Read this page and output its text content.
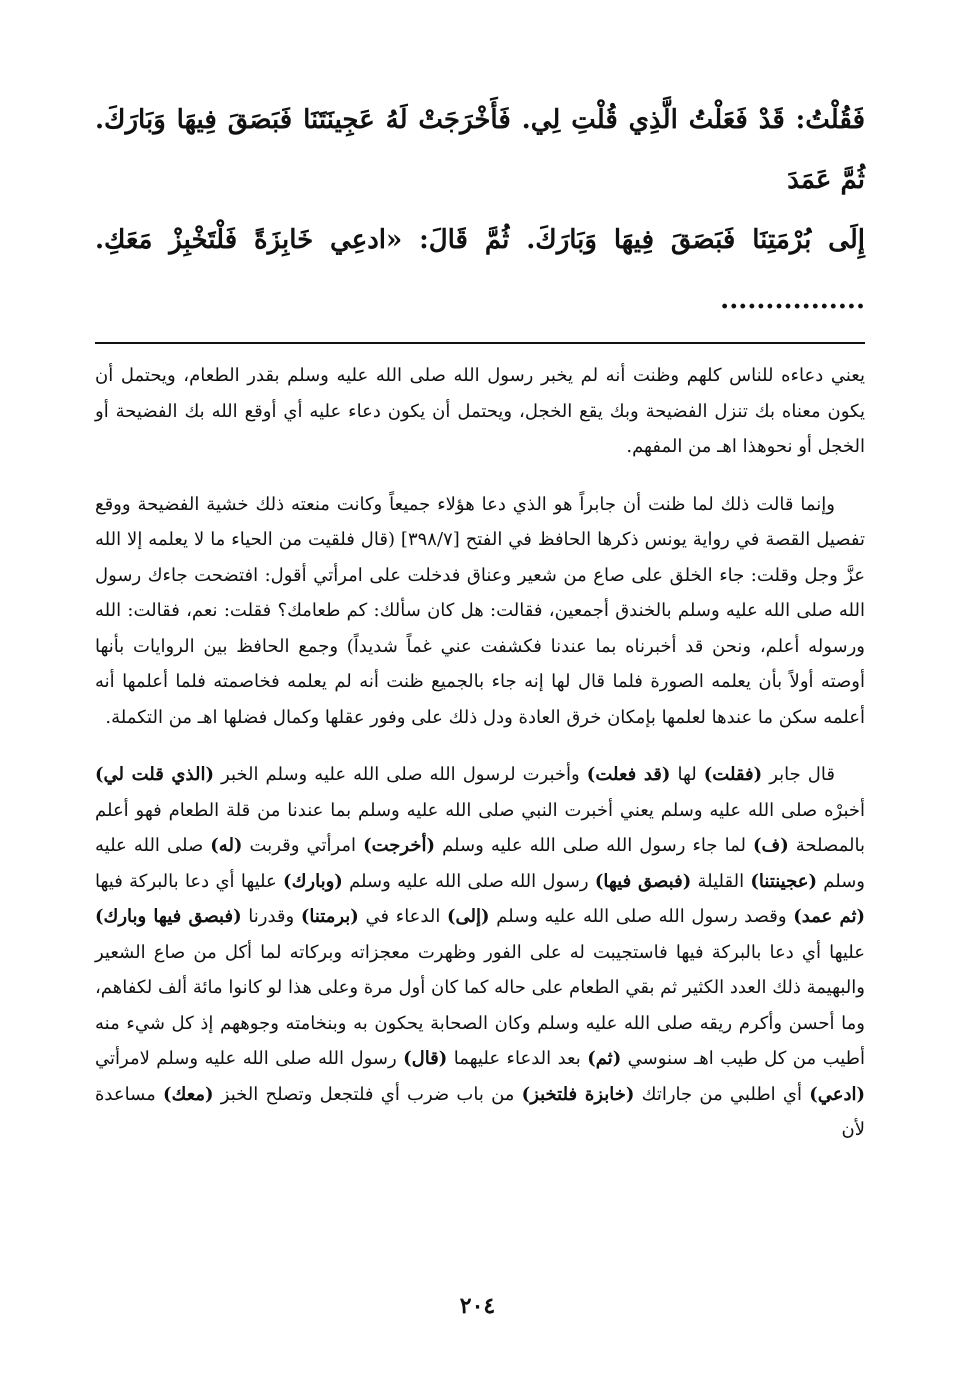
فَقُلْتُ: قَدْ فَعَلْتُ الَّذِي قُلْتِ لِي. فَأَخْرَجَتْ لَهُ عَجِينَتَنَا فَبَصَقَ فِيهَا وَبَارَكَ. ثُمَّ عَمَدَ

إِلَى بُرْمَتِنَا فَبَصَقَ فِيهَا وَبَارَكَ. ثُمَّ قَالَ: «ادعِي خَابِزَةً فَلْتَخْبِزْ مَعَكِ. ................

يعني دعاءه للناس كلهم وظنت أنه لم يخبر رسول الله صلى الله عليه وسلم بقدر الطعام، ويحتمل أن يكون معناه بك تنزل الفضيحة وبك يقع الخجل، ويحتمل أن يكون دعاء عليه أي أوقع الله بك الفضيحة أو الخجل أو نحوهذا اهـ من المفهم.

وإنما قالت ذلك لما ظنت أن جابراً هو الذي دعا هؤلاء جميعاً وكانت منعته ذلك خشية الفضيحة ووقع تفصيل القصة في رواية يونس ذكرها الحافظ في الفتح [٣٩٨/٧] (قال فلقيت من الحياء ما لا يعلمه إلا الله عزَّ وجل وقلت: جاء الخلق على صاع من شعير وعناق فدخلت على امرأتي أقول: افتضحت جاءك رسول الله صلى الله عليه وسلم بالخندق أجمعين، فقالت: هل كان سألك: كم طعامك؟ فقلت: نعم، فقالت: الله ورسوله أعلم، ونحن قد أخبرناه بما عندنا فكشفت عني غماً شديداً) وجمع الحافظ بين الروايات بأنها أوصته أولاً بأن يعلمه الصورة فلما قال لها إنه جاء بالجميع ظنت أنه لم يعلمه فخاصمته فلما أعلمها أنه أعلمه سكن ما عندها لعلمها بإمكان خرق العادة ودل ذلك على وفور عقلها وكمال فضلها اهـ من التكملة.

قال جابر (فقلت) لها (قد فعلت) وأخبرت لرسول الله صلى الله عليه وسلم الخبر (الذي قلت لي) أخبرْه صلى الله عليه وسلم يعني أخبرت النبي صلى الله عليه وسلم بما عندنا من قلة الطعام فهو أعلم بالمصلحة (ف) لما جاء رسول الله صلى الله عليه وسلم (أخرجت) امرأتي وقربت (له) صلى الله عليه وسلم (عجينتنا) القليلة (فبصق فيها) رسول الله صلى الله عليه وسلم (وبارك) عليها أي دعا بالبركة فيها (ثم عمد) وقصد رسول الله صلى الله عليه وسلم (إلى) الدعاء في (برمتنا) وقدرنا (فبصق فيها وبارك) عليها أي دعا بالبركة فيها فاستجيبت له على الفور وظهرت معجزاته وبركاته لما أكل من صاع الشعير والبهيمة ذلك العدد الكثير ثم بقي الطعام على حاله كما كان أول مرة وعلى هذا لو كانوا مائة ألف لكفاهم، وما أحسن وأكرم ريقه صلى الله عليه وسلم وكان الصحابة يحكون به وبنخامته وجوههم إذ كل شيء منه أطيب من كل طيب اهـ سنوسي (ثم) بعد الدعاء عليهما (قال) رسول الله صلى الله عليه وسلم لامرأتي (ادعي) أي اطلبي من جاراتك (خابزة فلتخبز) من باب ضرب أي فلتجعل وتصلح الخبز (معك) مساعدة لأن

٢٠٤
